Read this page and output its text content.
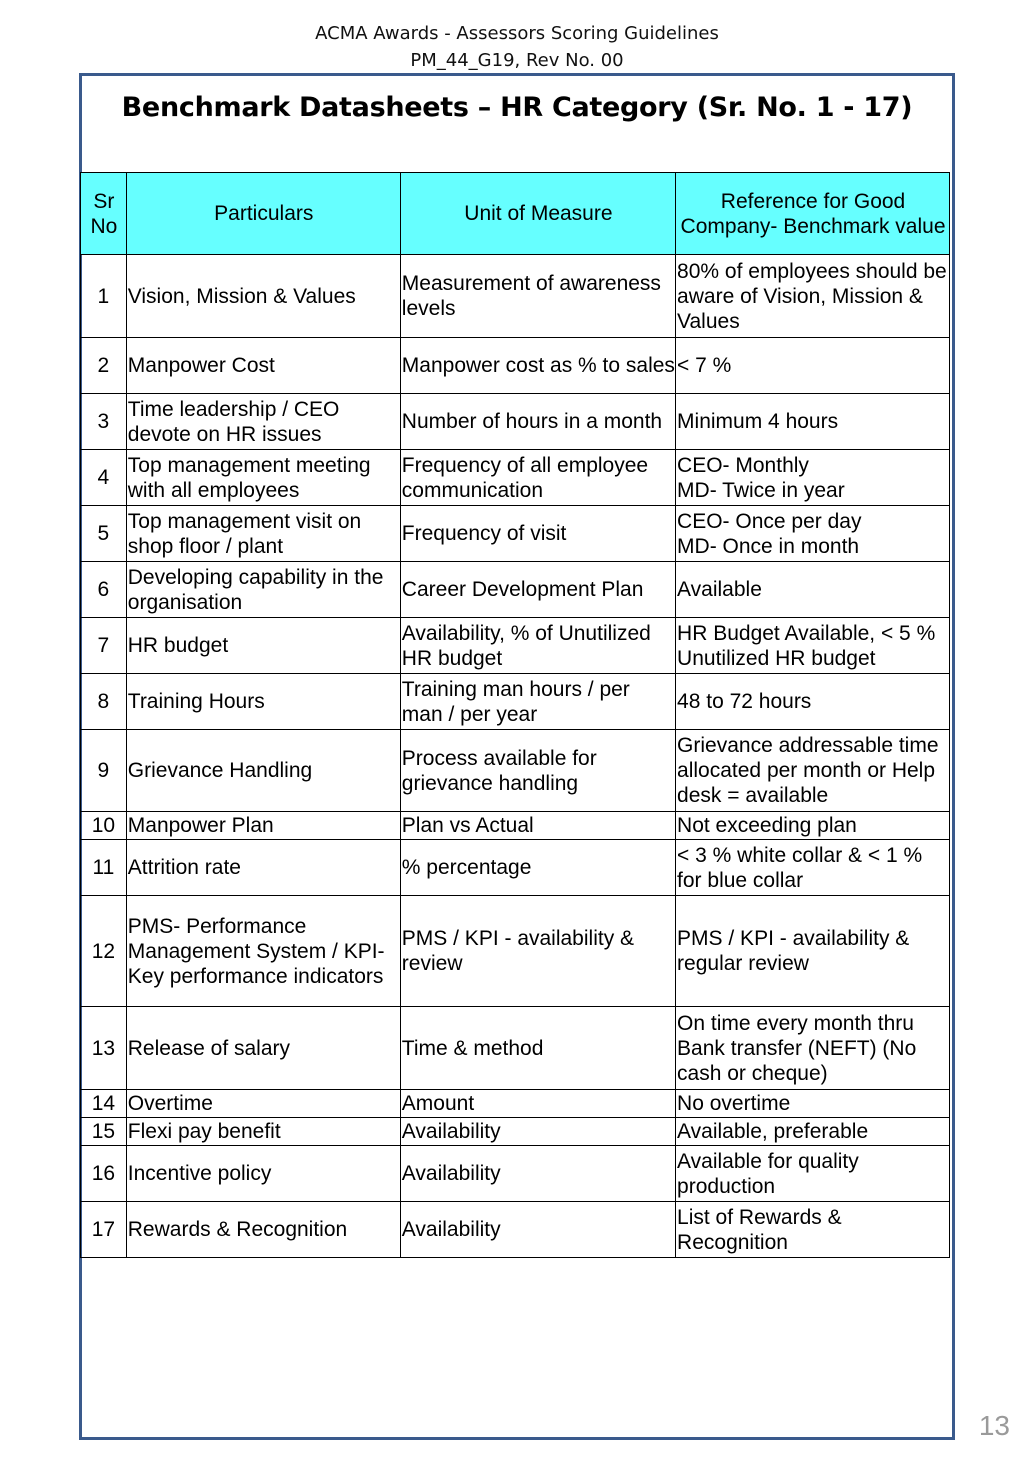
ACMA Awards - Assessors Scoring Guidelines
PM_44_G19, Rev No. 00
Benchmark Datasheets – HR Category (Sr. No. 1 - 17)
Sr No	Particulars	Unit of Measure	Reference for Good Company- Benchmark value
1	Vision, Mission & Values	Measurement of awareness levels	80% of employees should be aware of Vision, Mission & Values
2	Manpower Cost	Manpower cost as % to sales	< 7 %
3	Time leadership / CEO devote on HR issues	Number of hours in a month	Minimum 4 hours
4	Top management meeting with all employees	Frequency of all employee communication	CEO- Monthly
MD- Twice in year
5	Top management visit on shop floor / plant	Frequency of visit	CEO- Once per day
MD- Once in month
6	Developing capability in the organisation	Career Development Plan	Available
7	HR budget	Availability, % of Unutilized HR budget	HR Budget Available, < 5 % Unutilized HR budget
8	Training Hours	Training man hours / per man / per year	48 to 72 hours
9	Grievance Handling	Process available for grievance handling	Grievance addressable time allocated per month or Help desk = available
10	Manpower Plan	Plan vs Actual	Not exceeding plan
11	Attrition rate	% percentage	< 3 % white collar & < 1 % for blue collar
12	PMS- Performance Management System / KPI- Key performance indicators	PMS / KPI - availability & review	PMS / KPI - availability & regular review
13	Release of salary	Time & method	On time every month thru Bank transfer (NEFT) (No cash or cheque)
14	Overtime	Amount	No overtime
15	Flexi pay benefit	Availability	Available, preferable
16	Incentive policy	Availability	Available for quality production
17	Rewards & Recognition	Availability	List of Rewards & Recognition
13
